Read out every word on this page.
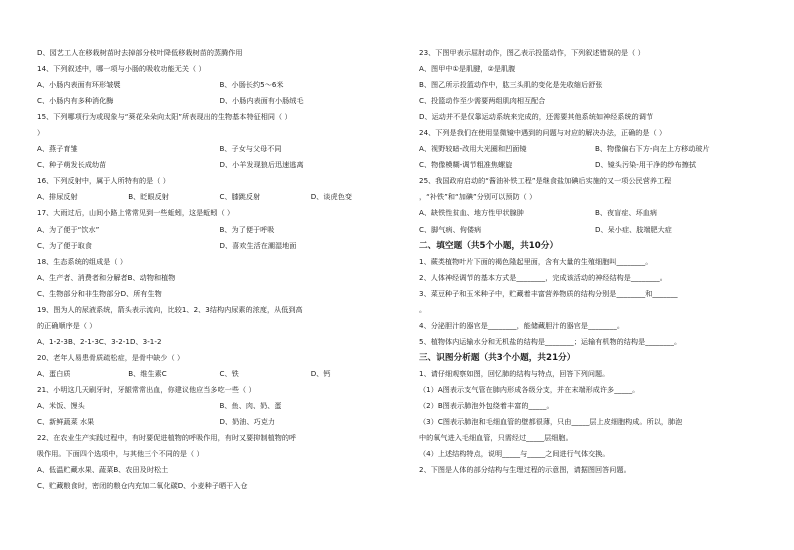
D、园艺工人在移栽树苗时去掉部分枝叶降低移栽树苗的蒸腾作用
14、下列叙述中，哪一项与小肠的吸收功能无关（ ）
A、小肠内表面有环形皱襞	B、小肠长约5～6米
C、小肠内有多种消化酶	D、小肠内表面有小肠绒毛
15、下列哪项行为或现象与“葵花朵朵向太阳”所表现出的生物基本特征相同（ ）
）
A、燕子育雏	B、子女与父母不同
C、种子萌发长成幼苗	D、小羊发现狼后迅速逃离
16、下列反射中，属于人所特有的是（ ）
A、排尿反射	B、眨眼反射	C、膝跳反射	D、谈虎色变
17、大雨过后，山间小路上常常见到一些蚯蚓，这是蚯蚓（ ）
A、为了便于“饮水”	B、为了便于呼吸
C、为了便于取食	D、喜欢生活在潮湿地面
18、生态系统的组成是（ ）
A、生产者、消费者和分解者B、动物和植物
C、生物部分和非生物部分D、所有生物
19、图为人的尿液系统，箭头表示流向，比较1、2、3结构内尿素的浓度，从低到高
的正确顺序是（ ）
A、1-2-3B、2-1-3C、3-2-1D、3-1-2
20、老年人易患骨质疏松症，是骨中缺少（ ）
A、蛋白质	B、维生素C	C、铁	D、钙
21、小明这几天刷牙时，牙龈常常出血，你建议他应当多吃一些（ ）
A、米饭、馒头	B、鱼、肉、奶、蛋
C、新鲜蔬菜 水果	D、奶油、巧克力
22、在农业生产实践过程中，有时要促进植物的呼吸作用，有时又要抑制植物的呼
吸作用。下面四个选项中，与其他三个不同的是（ ）
A、低温贮藏水果、蔬菜B、农田及时松土
C、贮藏粮食时，密闭的粮仓内充加二氧化碳D、小麦种子晒干入仓
23、下图甲表示屈肘动作，图乙表示投篮动作，下列叙述错误的是（ ）
A、图甲中①是肌腱，②是肌腹
B、图乙所示投篮动作中，肱三头肌的变化是先收缩后舒张
C、投篮动作至少需要两组肌肉相互配合
D、运动并不是仅靠运动系统来完成的，还需要其他系统如神经系统的调节
24、下列是我们在使用显微镜中遇到的问题与对应的解决办法，正确的是（ ）
A、视野较暗-改用大光圈和凹面镜	B、物像偏右下方-向左上方移动玻片
C、物像模糊-调节粗准焦螺旋	D、镜头污染-用干净的纱布擦拭
25、我国政府启动的“酱油补铁工程”是继食盐加碘后实施的又一项公民营养工程
，“补铁”和“加碘”分别可以预防（ ）
A、缺铁性贫血、地方性甲状腺肿	B、夜盲症、坏血病
C、脚气病、佝偻病	D、呆小症、肢端肥大症
二、填空题（共5个小题，共10分）
1、蕨类植物叶片下面的褐色隆起里面，含有大量的生殖细胞叫________。
2、人体神经调节的基本方式是________，完成该活动的神经结构是________。
3、菜豆种子和玉米种子中，贮藏着丰富营养物质的结构分别是________和_______
。
4、分泌胆汁的器官是________，能储藏胆汁的器官是________。
5、植物体内运输水分和无机盐的结构是________；运输有机物的结构是________。
三、识图分析题（共3个小题，共21分）
1、请仔细观察如图，回忆肺的结构与特点，回答下列问题。
（1）A图表示支气管在肺内形成各级分支，并在末端形成许多_____。
（2）B图表示肺泡外包绕着丰富的_____。
（3）C图表示肺泡和毛细血管的壁都很薄，只由_____层上皮细胞构成。所以，肺泡
中的氧气进入毛细血管，只需经过_____层细胞。
（4）上述结构特点，说明_____与_____之间进行气体交换。
2、下图是人体的部分结构与生理过程的示意图，请据图回答问题。
